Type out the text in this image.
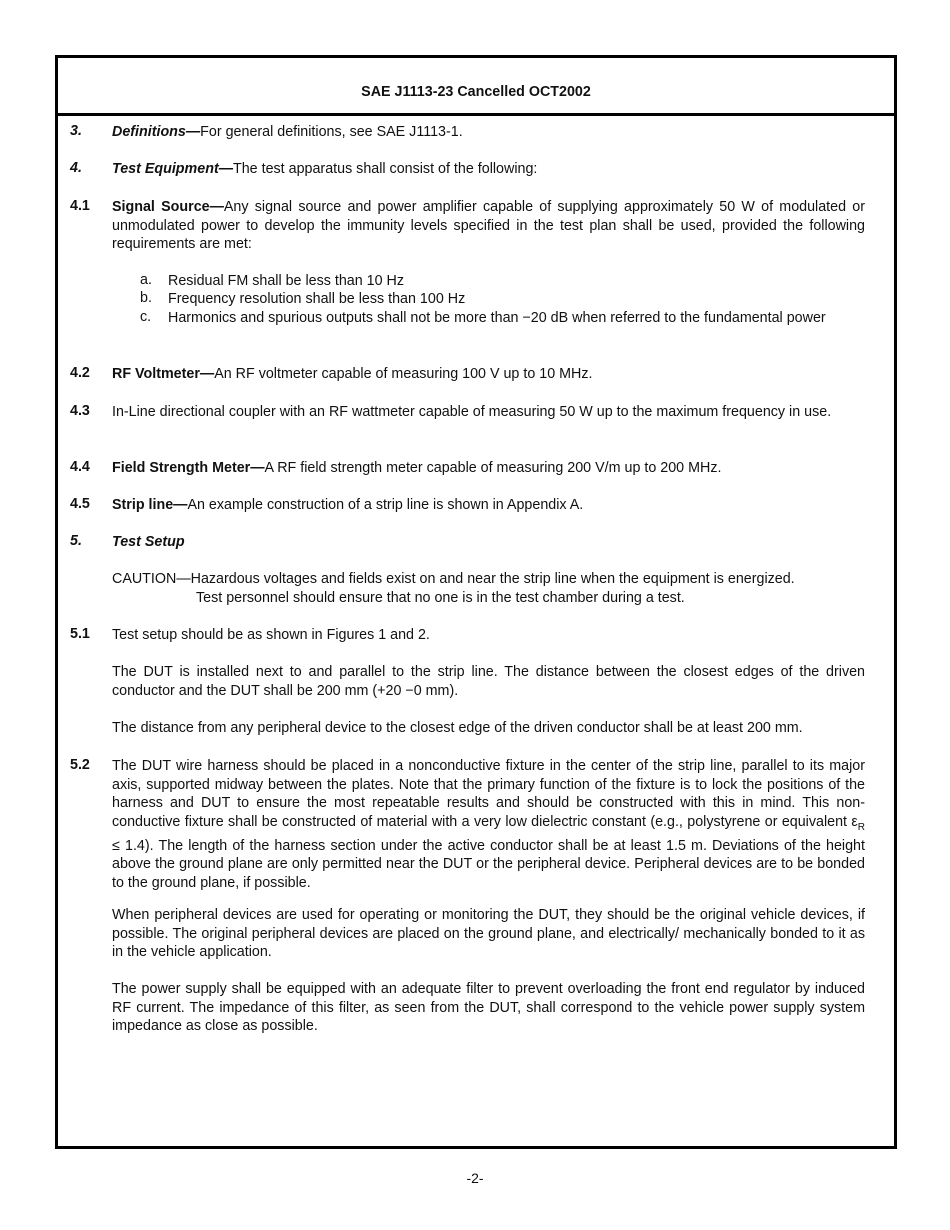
SAE J1113-23 Cancelled OCT2002
3. Definitions—For general definitions, see SAE J1113-1.
4. Test Equipment—The test apparatus shall consist of the following:
4.1 Signal Source—Any signal source and power amplifier capable of supplying approximately 50 W of modulated or unmodulated power to develop the immunity levels specified in the test plan shall be used, provided the following requirements are met:
a. Residual FM shall be less than 10 Hz
b. Frequency resolution shall be less than 100 Hz
c. Harmonics and spurious outputs shall not be more than −20 dB when referred to the fundamental power
4.2 RF Voltmeter—An RF voltmeter capable of measuring 100 V up to 10 MHz.
4.3 In-Line directional coupler with an RF wattmeter capable of measuring 50 W up to the maximum frequency in use.
4.4 Field Strength Meter—A RF field strength meter capable of measuring 200 V/m up to 200 MHz.
4.5 Strip line—An example construction of a strip line is shown in Appendix A.
5. Test Setup
CAUTION—Hazardous voltages and fields exist on and near the strip line when the equipment is energized.
Test personnel should ensure that no one is in the test chamber during a test.
5.1 Test setup should be as shown in Figures 1 and 2.
The DUT is installed next to and parallel to the strip line. The distance between the closest edges of the driven conductor and the DUT shall be 200 mm (+20 −0 mm).
The distance from any peripheral device to the closest edge of the driven conductor shall be at least 200 mm.
5.2 The DUT wire harness should be placed in a nonconductive fixture in the center of the strip line, parallel to its major axis, supported midway between the plates. Note that the primary function of the fixture is to lock the positions of the harness and DUT to ensure the most repeatable results and should be constructed with this in mind. This non-conductive fixture shall be constructed of material with a very low dielectric constant (e.g., polystyrene or equivalent $\varepsilon_R \le 1.4$). The length of the harness section under the active conductor shall be at least 1.5 m. Deviations of the height above the ground plane are only permitted near the DUT or the peripheral device. Peripheral devices are to be bonded to the ground plane, if possible.
When peripheral devices are used for operating or monitoring the DUT, they should be the original vehicle devices, if possible. The original peripheral devices are placed on the ground plane, and electrically/ mechanically bonded to it as in the vehicle application.
The power supply shall be equipped with an adequate filter to prevent overloading the front end regulator by induced RF current. The impedance of this filter, as seen from the DUT, shall correspond to the vehicle power supply system impedance as close as possible.
-2-
